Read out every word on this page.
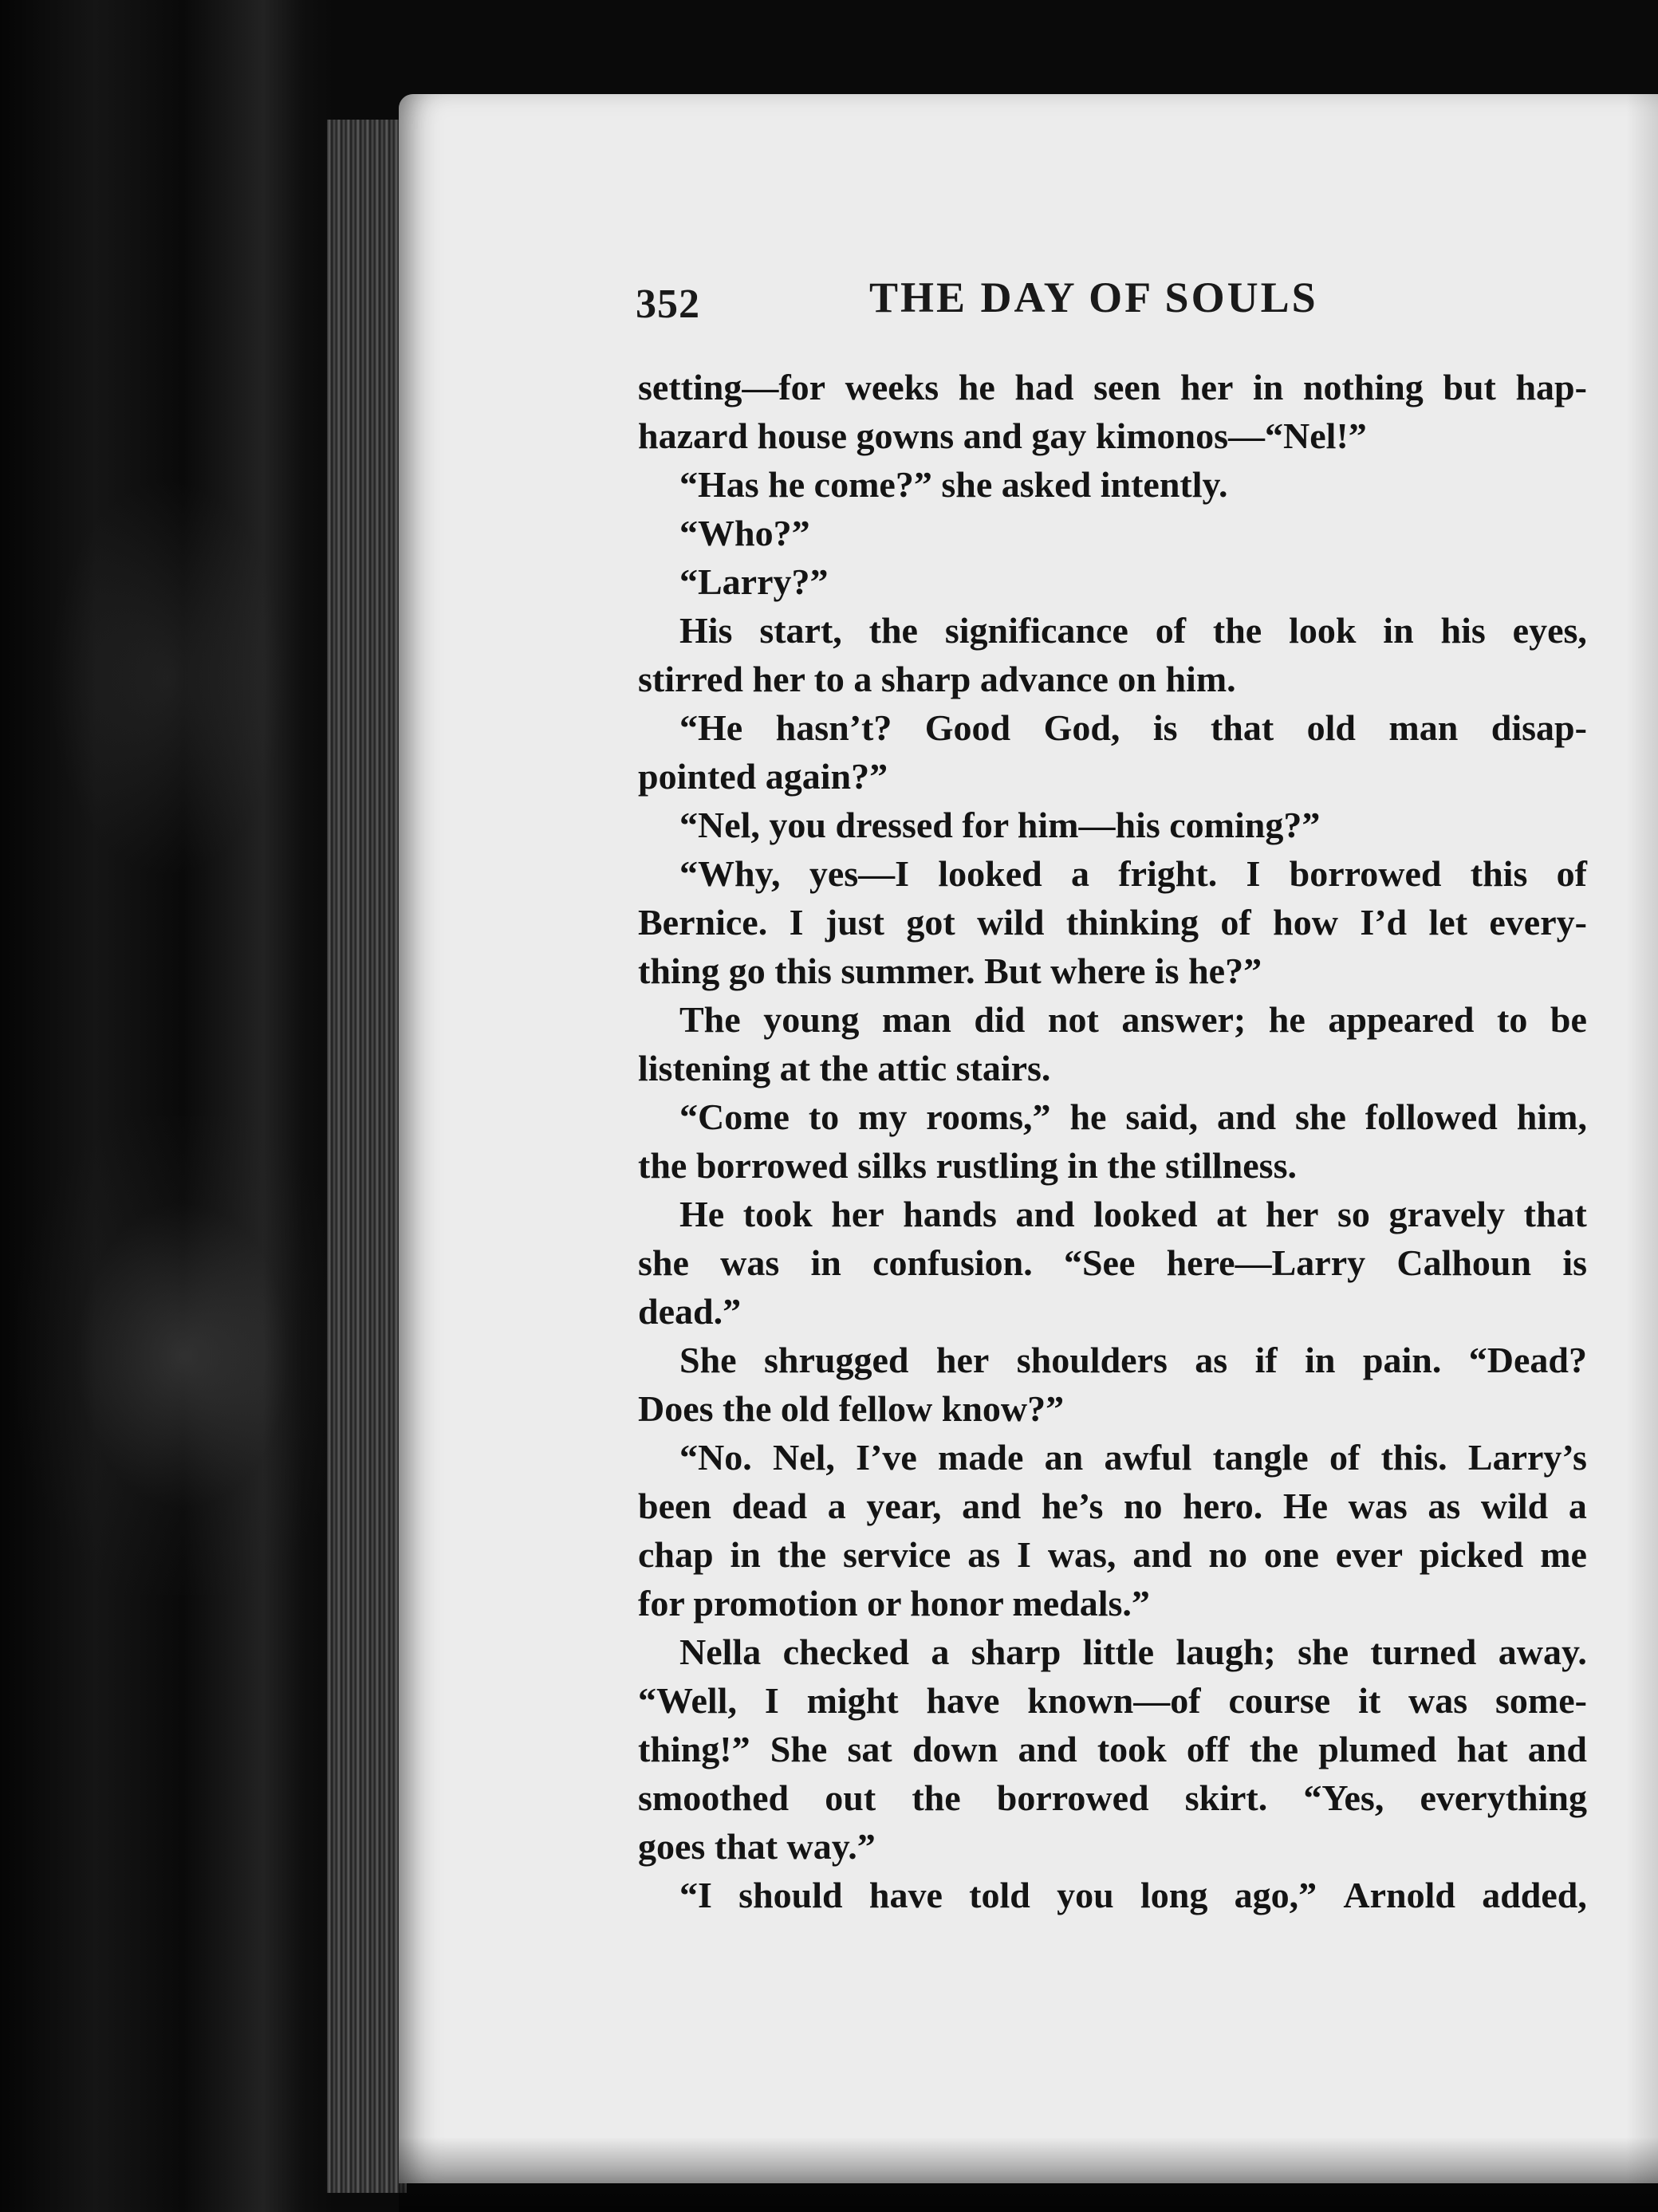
352	THE DAY OF SOULS
setting—for weeks he had seen her in nothing but hap-
hazard house gowns and gay kimonos—“Nel!”
“Has he come?” she asked intently.
“Who?”
“Larry?”
His start, the significance of the look in his eyes,
stirred her to a sharp advance on him.
“He hasn’t? Good God, is that old man disap-
pointed again?”
“Nel, you dressed for him—his coming?”
“Why, yes—I looked a fright. I borrowed this of
Bernice. I just got wild thinking of how I’d let every-
thing go this summer. But where is he?”
The young man did not answer; he appeared to be
listening at the attic stairs.
“Come to my rooms,” he said, and she followed him,
the borrowed silks rustling in the stillness.
He took her hands and looked at her so gravely that
she was in confusion. “See here—Larry Calhoun is
dead.”
She shrugged her shoulders as if in pain. “Dead?
Does the old fellow know?”
“No. Nel, I’ve made an awful tangle of this. Larry’s
been dead a year, and he’s no hero. He was as wild a
chap in the service as I was, and no one ever picked me
for promotion or honor medals.”
Nella checked a sharp little laugh; she turned away.
“Well, I might have known—of course it was some-
thing!” She sat down and took off the plumed hat and
smoothed out the borrowed skirt. “Yes, everything
goes that way.”
“I should have told you long ago,” Arnold added,
